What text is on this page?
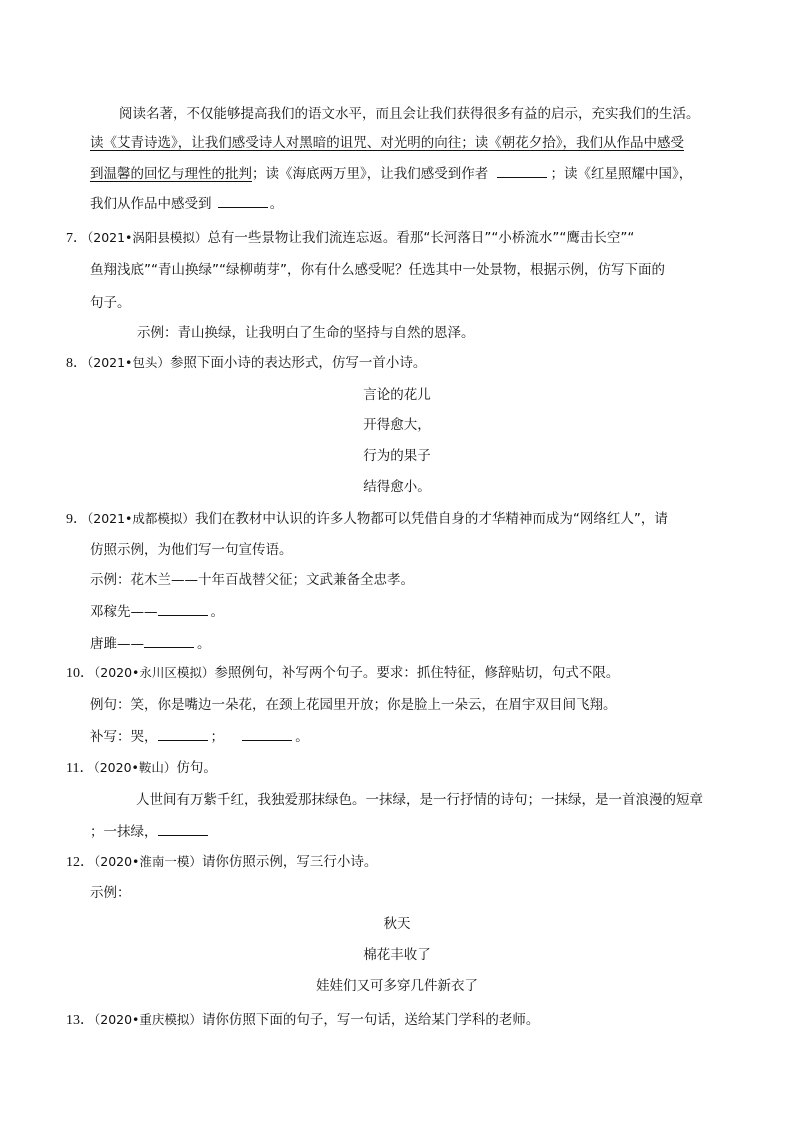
阅读名著，不仅能够提高我们的语文水平，而且会让我们获得很多有益的启示，充实我们的生活。
读《艾青诗选》，让我们感受诗人对黑暗的诅咒、对光明的向往；读《朝花夕拾》，我们从作品中感受
到温馨的回忆与理性的批判；读《海底两万里》，让我们感受到作者	；读《红星照耀中国》，
我们从作品中感受到	。
7．（2021•涡阳县模拟）总有一些景物让我们流连忘返。看那“长河落日”“小桥流水”“鹰击长空”“
鱼翔浅底”“青山换绿”“绿柳萌芽”，你有什么感受呢？任选其中一处景物，根据示例，仿写下面的
句子。
示例：青山换绿，让我明白了生命的坚持与自然的恩泽。
8．（2021•包头）参照下面小诗的表达形式，仿写一首小诗。
言论的花儿
开得愈大，
行为的果子
结得愈小。
9．（2021•成都模拟）我们在教材中认识的许多人物都可以凭借自身的才华精神而成为“网络红人”，请
仿照示例，为他们写一句宣传语。
示例：花木兰——十年百战替父征；文武兼备全忠孝。
邓稼先——	。
唐雎——	。
10．（2020•永川区模拟）参照例句，补写两个句子。要求：抓住特征，修辞贴切，句式不限。
例句：笑，你是嘴边一朵花，在颈上花园里开放；你是脸上一朵云，在眉宇双目间飞翔。
补写：哭，	；	。
11．（2020•鞍山）仿句。
人世间有万紫千红，我独爱那抹绿色。一抹绿，是一行抒情的诗句；一抹绿，是一首浪漫的短章
；一抹绿，
12．（2020•淮南一模）请你仿照示例，写三行小诗。
示例：
秋天
棉花丰收了
娃娃们又可多穿几件新衣了
13．（2020•重庆模拟）请你仿照下面的句子，写一句话，送给某门学科的老师。
